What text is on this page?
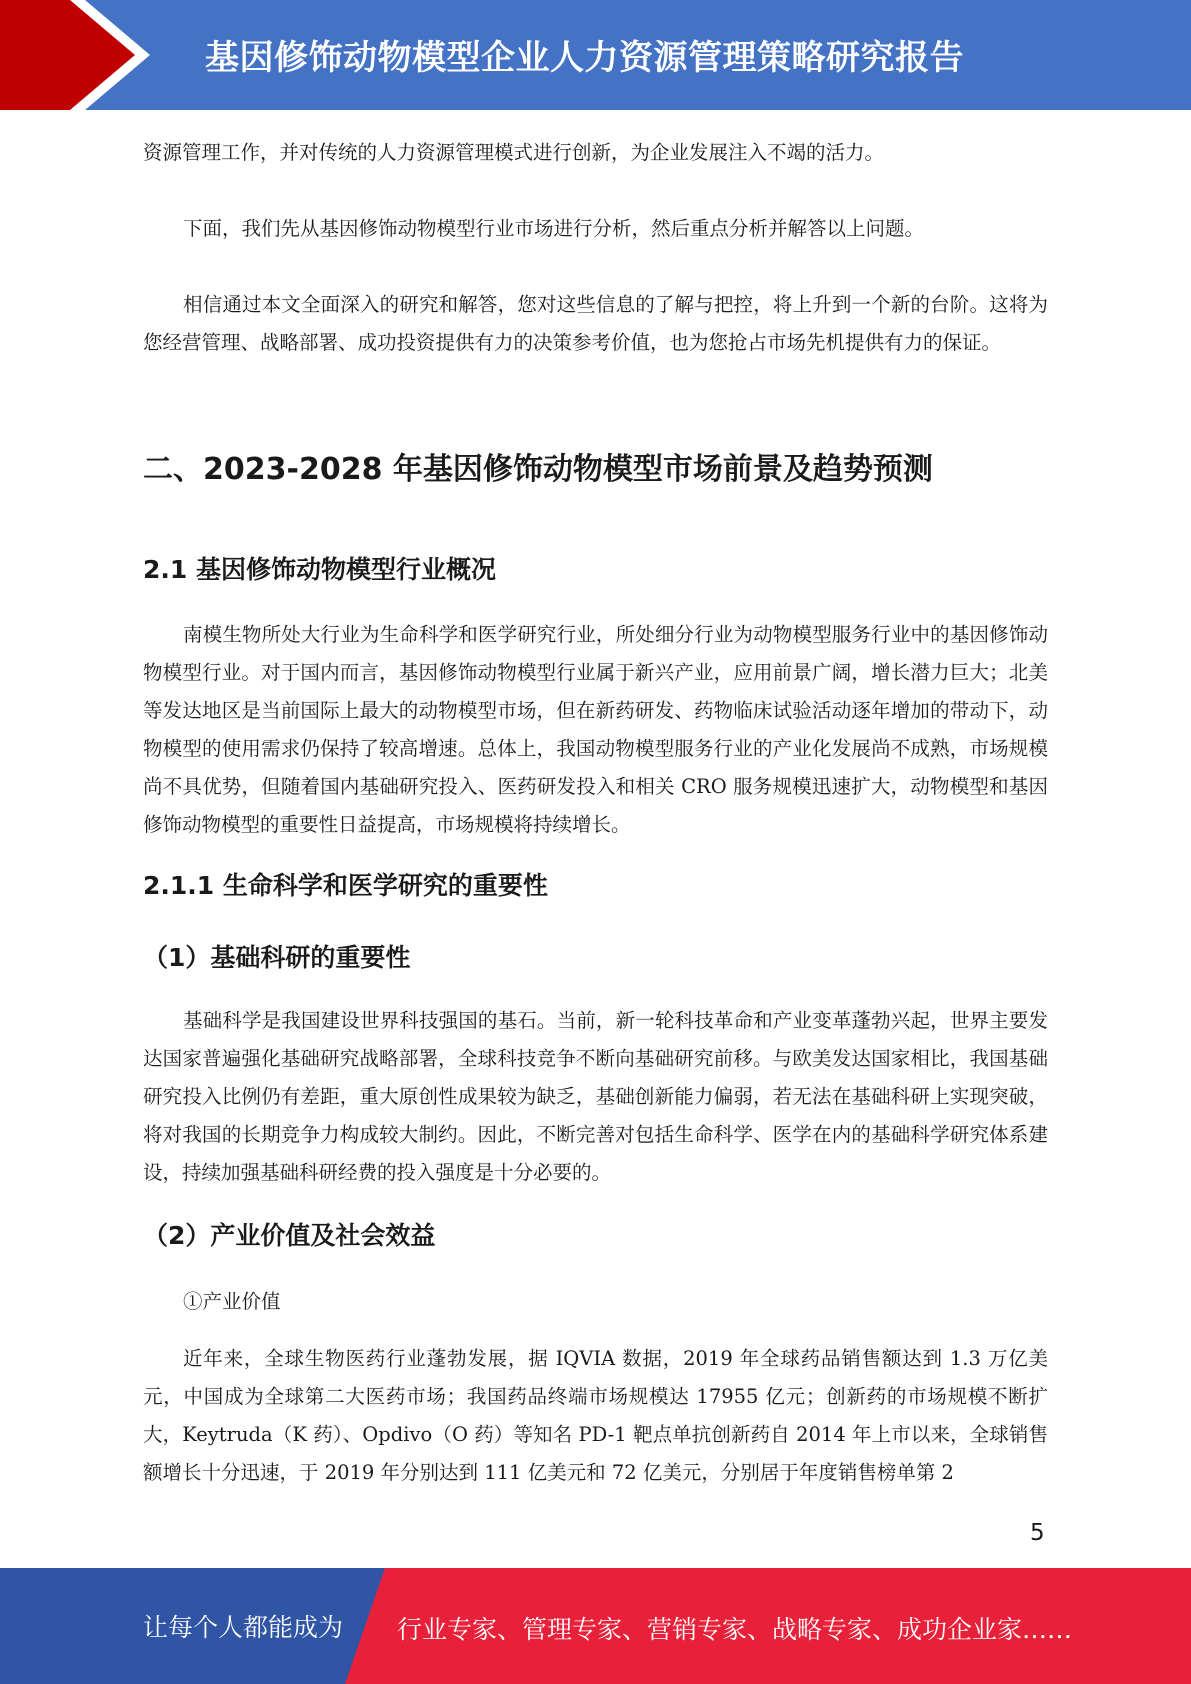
基因修饰动物模型企业人力资源管理策略研究报告

资源管理工作，并对传统的人力资源管理模式进行创新，为企业发展注入不竭的活力。

下面，我们先从基因修饰动物模型行业市场进行分析，然后重点分析并解答以上问题。

相信通过本文全面深入的研究和解答，您对这些信息的了解与把控，将上升到一个新的台阶。这将为您经营管理、战略部署、成功投资提供有力的决策参考价值，也为您抢占市场先机提供有力的保证。

二、2023-2028 年基因修饰动物模型市场前景及趋势预测
2.1 基因修饰动物模型行业概况

南模生物所处大行业为生命科学和医学研究行业，所处细分行业为动物模型服务行业中的基因修饰动物模型行业。对于国内而言，基因修饰动物模型行业属于新兴产业，应用前景广阔，增长潜力巨大；北美等发达地区是当前国际上最大的动物模型市场，但在新药研发、药物临床试验活动逐年增加的带动下，动物模型的使用需求仍保持了较高增速。总体上，我国动物模型服务行业的产业化发展尚不成熟，市场规模尚不具优势，但随着国内基础研究投入、医药研发投入和相关 CRO 服务规模迅速扩大，动物模型和基因修饰动物模型的重要性日益提高，市场规模将持续增长。

2.1.1 生命科学和医学研究的重要性
（1）基础科研的重要性

基础科学是我国建设世界科技强国的基石。当前，新一轮科技革命和产业变革蓬勃兴起，世界主要发达国家普遍强化基础研究战略部署，全球科技竞争不断向基础研究前移。与欧美发达国家相比，我国基础研究投入比例仍有差距，重大原创性成果较为缺乏，基础创新能力偏弱，若无法在基础科研上实现突破，将对我国的长期竞争力构成较大制约。因此，不断完善对包括生命科学、医学在内的基础科学研究体系建设，持续加强基础科研经费的投入强度是十分必要的。

（2）产业价值及社会效益

①产业价值

近年来，全球生物医药行业蓬勃发展，据 IQVIA 数据，2019 年全球药品销售额达到 1.3 万亿美元，中国成为全球第二大医药市场；我国药品终端市场规模达 17955 亿元；创新药的市场规模不断扩大，Keytruda（K 药）、Opdivo（O 药）等知名 PD-1 靶点单抗创新药自 2014 年上市以来，全球销售额增长十分迅速，于 2019 年分别达到 111 亿美元和 72 亿美元，分别居于年度销售榜单第 2

5
让每个人都能成为 行业专家、管理专家、营销专家、战略专家、成功企业家……
